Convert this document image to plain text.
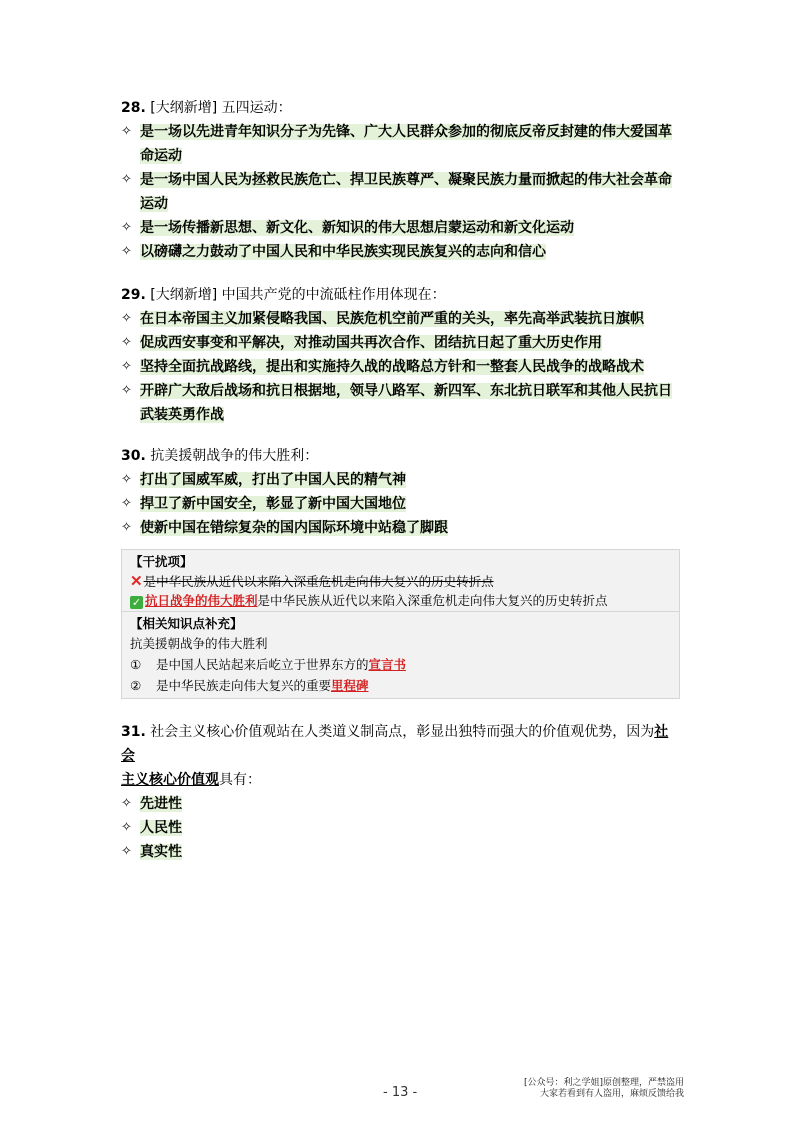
28. [大纲新增] 五四运动：
✧ 是一场以先进青年知识分子为先锋、广大人民群众参加的彻底反帝反封建的伟大爱国革
命运动
✧ 是一场中国人民为拯救民族危亡、捍卫民族尊严、凝聚民族力量而掀起的伟大社会革命
运动
✧ 是一场传播新思想、新文化、新知识的伟大思想启蒙运动和新文化运动
✧ 以磅礴之力鼓动了中国人民和中华民族实现民族复兴的志向和信心
29. [大纲新增] 中国共产党的中流砥柱作用体现在：
✧ 在日本帝国主义加紧侵略我国、民族危机空前严重的关头，率先高举武装抗日旗帜
✧ 促成西安事变和平解决，对推动国共再次合作、团结抗日起了重大历史作用
✧ 坚持全面抗战路线，提出和实施持久战的战略总方针和一整套人民战争的战略战术
✧ 开辟广大敌后战场和抗日根据地，领导八路军、新四军、东北抗日联军和其他人民抗日
武装英勇作战
30. 抗美援朝战争的伟大胜利：
✧ 打出了国威军威，打出了中国人民的精气神
✧ 捍卫了新中国安全，彰显了新中国大国地位
✧ 使新中国在错综复杂的国内国际环境中站稳了脚跟
【干扰项】
✕是中华民族从近代以来陷入深重危机走向伟大复兴的历史转折点
✓ 抗日战争的伟大胜利是中华民族从近代以来陷入深重危机走向伟大复兴的历史转折点
【相关知识点补充】
抗美援朝战争的伟大胜利
① 是中国人民站起来后屹立于世界东方的宣言书
② 是中华民族走向伟大复兴的重要里程碑
31. 社会主义核心价值观站在人类道义制高点，彰显出独特而强大的价值观优势，因为社会
主义核心价值观具有：
✧ 先进性
✧ 人民性
✧ 真实性
- 13 -
[公众号：利之学姐]原创整理，严禁盗用
大家若看到有人盗用，麻烦反馈给我
